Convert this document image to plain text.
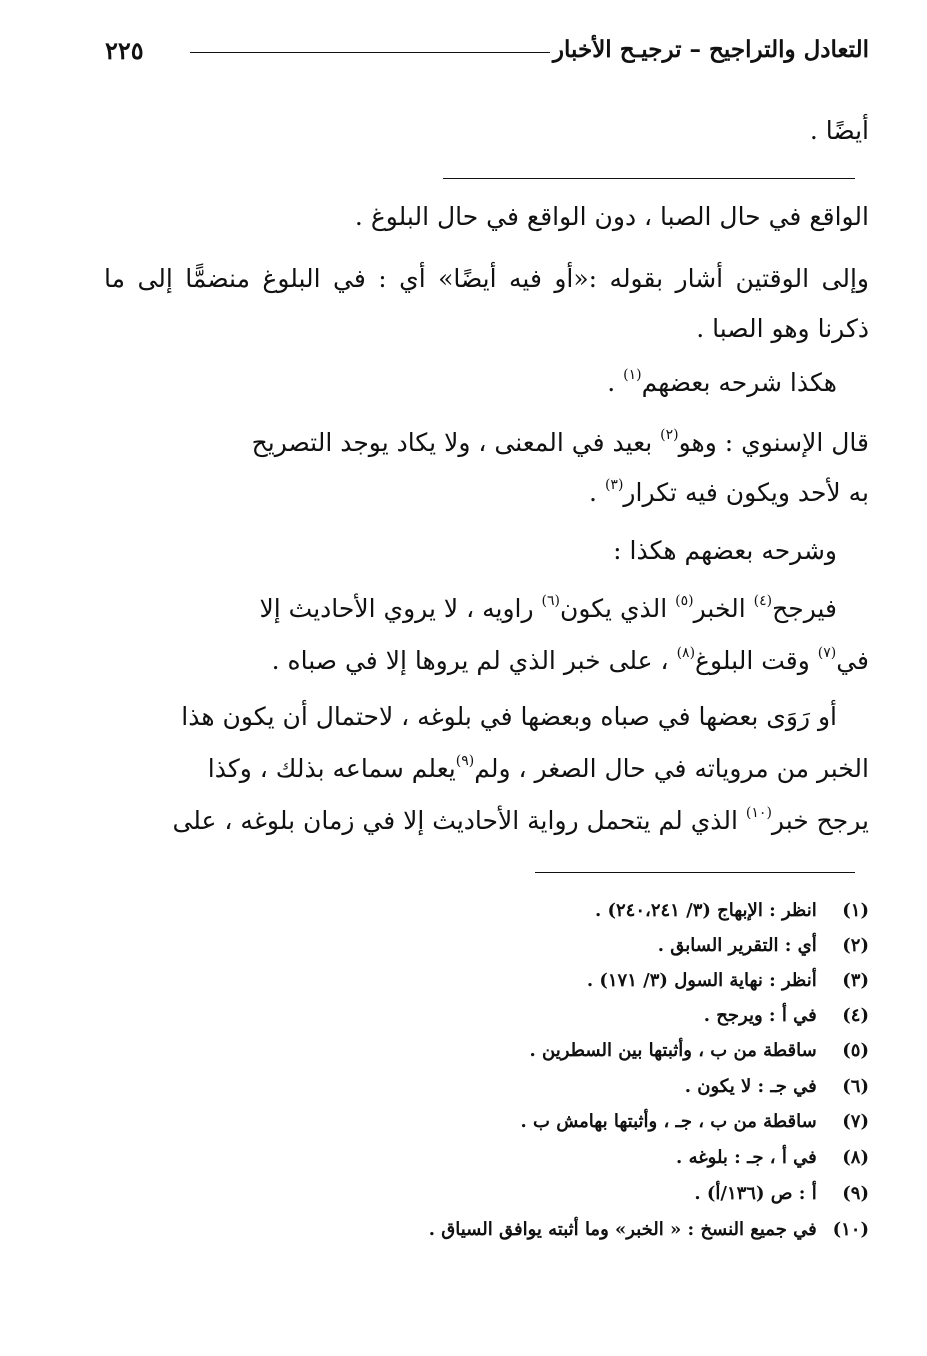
التعادل والتراجيح – ترجيـح الأخبار
٢٢٥
أيضًا .
الواقع في حال الصبا ، دون الواقع في حال البلوغ .
وإلى الوقتين أشار بقوله :«أو فيه أيضًا» أي : في البلوغ منضمًّا إلى ما
ذكرنا وهو الصبا .
هكذا شرحه بعضهم$^{(١)}$ .
قال الإسنوي : وهو$^{(٢)}$ بعيد في المعنى ، ولا يكاد يوجد التصريح
به لأحد ويكون فيه تكرار$^{(٣)}$ .
وشرحه بعضهم هكذا :
فيرجح$^{(٤)}$ الخبر$^{(٥)}$ الذي يكون$^{(٦)}$ راويه ، لا يروي الأحاديث إلا
في$^{(٧)}$ وقت البلوغ$^{(٨)}$ ، على خبر الذي لم يروها إلا في صباه .
أو رَوَى بعضها في صباه وبعضها في بلوغه ، لاحتمال أن يكون هذا
الخبر من مروياته في حال الصغر ، ولم$^{(٩)}$يعلم سماعه بذلك ، وكذا
يرجح خبر$^{(١٠)}$ الذي لم يتحمل رواية الأحاديث إلا في زمان بلوغه ، على
(١) انظر : الإبهاج (٣/ ٢٤٠،٢٤١) .
(٢) أي : التقرير السابق .
(٣) أنظر : نهاية السول (٣/ ١٧١) .
(٤) في أ : ويرجح .
(٥) ساقطة من ب ، وأثبتها بين السطرين .
(٦) في جـ : لا يكون .
(٧) ساقطة من ب ، جـ ، وأثبتها بهامش ب .
(٨) في أ ، جـ : بلوغه .
(٩) أ : ص (١٣٦/أ) .
(١٠) في جميع النسخ : « الخبر» وما أثبته يوافق السياق .
